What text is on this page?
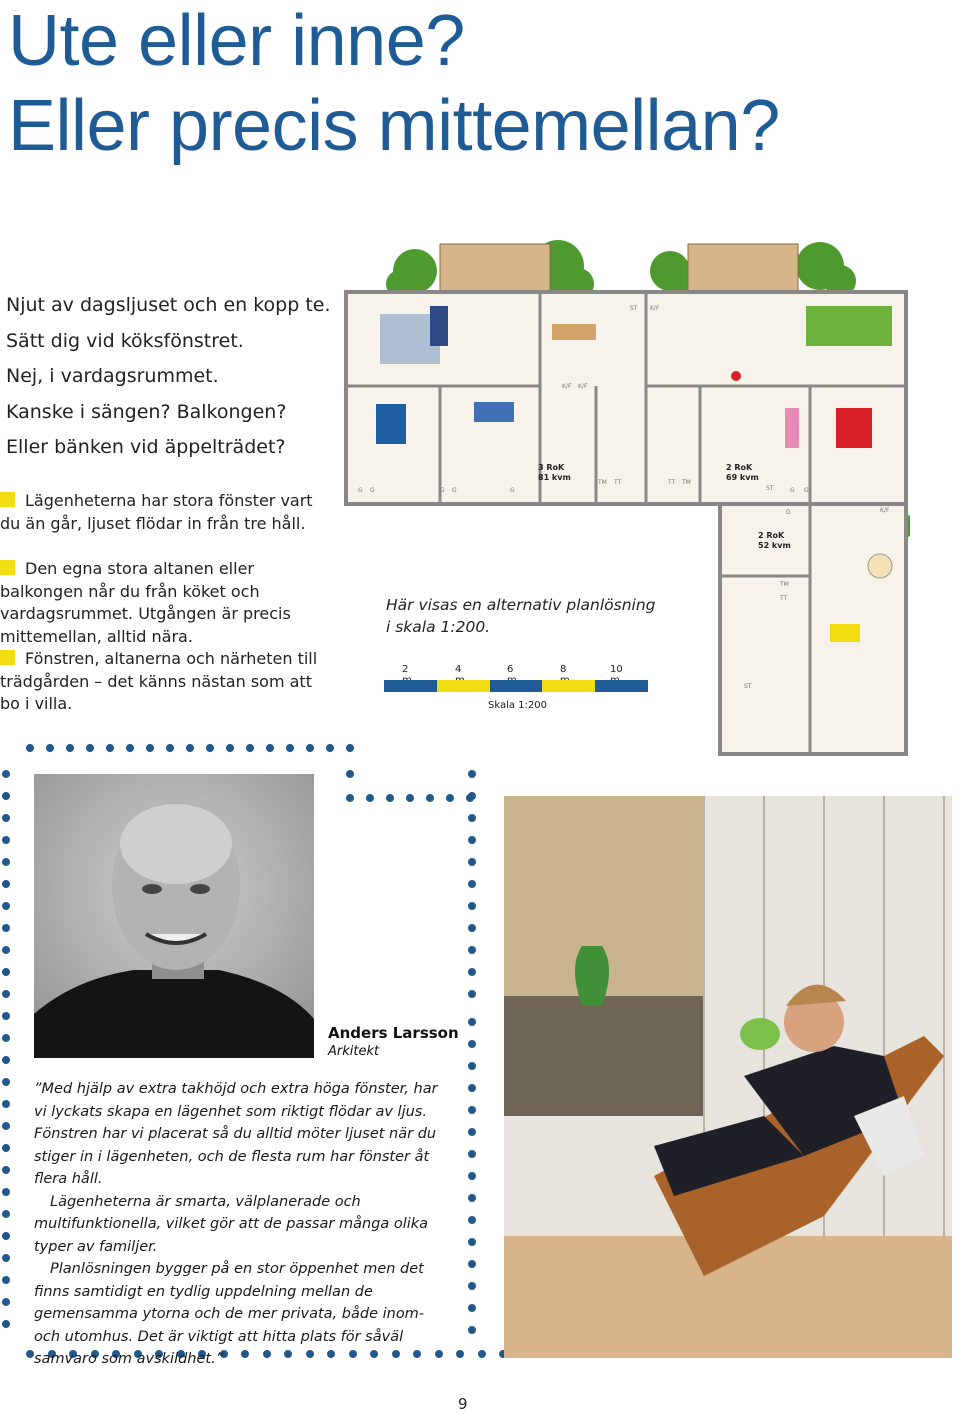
Ute eller inne?
Eller precis mittemellan?
Njut av dagsljuset och en kopp te.
Sätt dig vid köksfönstret.
Nej, i vardagsrummet.
Kanske i sängen? Balkongen?
Eller bänken vid äppelträdet?
Lägenheterna har stora fönster vart du än går, ljuset flödar in från tre håll.
Den egna stora altanen eller balkongen når du från köket och vardagsrummet. Utgången är precis mittemellan, alltid nära.
Fönstren, altanerna och närheten till trädgården – det känns nästan som att bo i villa.
3 RoK
81 kvm
2 RoK
69 kvm
2 RoK
52 kvm
ST K/F
K/F K/F
K/F
TM TT	TT TM
TM
TT
ST
G G	G G	G	G G
G
ST
Här visas en alternativ planlösning i skala 1:200.
2	4	6	8	10
Skala 1:200
Anders Larsson
Arkitekt

”Med hjälp av extra takhöjd och extra höga fönster, har vi lyckats skapa en lägenhet som riktigt flödar av ljus. Fönstren har vi placerat så du alltid möter ljuset när du stiger in i lägenheten, och de flesta rum har fönster åt flera håll.

Lägenheterna är smarta, välplanerade och multifunktionella, vilket gör att de passar många olika typer av familjer.

Planlösningen bygger på en stor öppenhet men det finns samtidigt en tydlig uppdelning mellan de gemensamma ytorna och de mer privata, både inom- och utomhus. Det är viktigt att hitta plats för såväl samvaro som avskildhet.”

9
